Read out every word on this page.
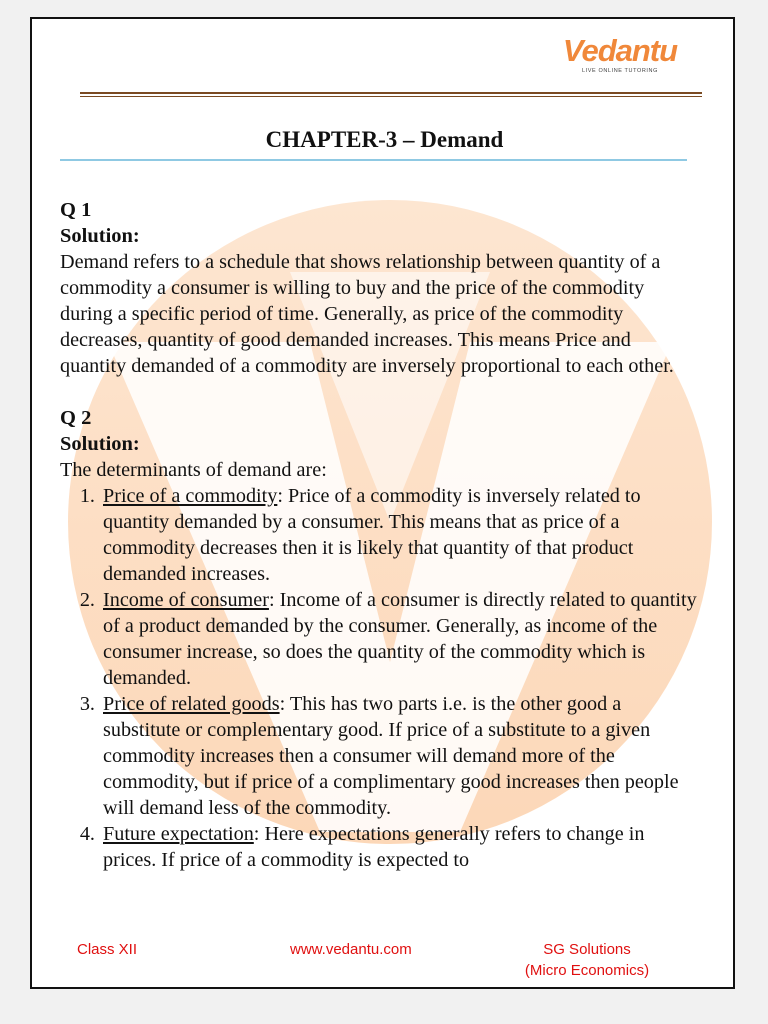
Vedantu
LIVE ONLINE TUTORING
CHAPTER-3 – Demand
Q 1
Solution:
Demand refers to a schedule that shows relationship between quantity of a commodity a consumer is willing to buy and the price of the commodity during a specific period of time. Generally, as price of the commodity decreases, quantity of good demanded increases. This means Price and quantity demanded of a commodity are inversely proportional to each other.
Q 2
Solution:
The determinants of demand are:
1. Price of a commodity: Price of a commodity is inversely related to quantity demanded by a consumer. This means that as price of a commodity decreases then it is likely that quantity of that product demanded increases.
2. Income of consumer: Income of a consumer is directly related to quantity of a product demanded by the consumer. Generally, as income of the consumer increase, so does the quantity of the commodity which is demanded.
3. Price of related goods: This has two parts i.e. is the other good a substitute or complementary good. If price of a substitute to a given commodity increases then a consumer will demand more of the commodity, but if price of a complimentary good increases then people will demand less of the commodity.
4. Future expectation: Here expectations generally refers to change in prices. If price of a commodity is expected to
Class XII	www.vedantu.com	SG Solutions
(Micro Economics)
